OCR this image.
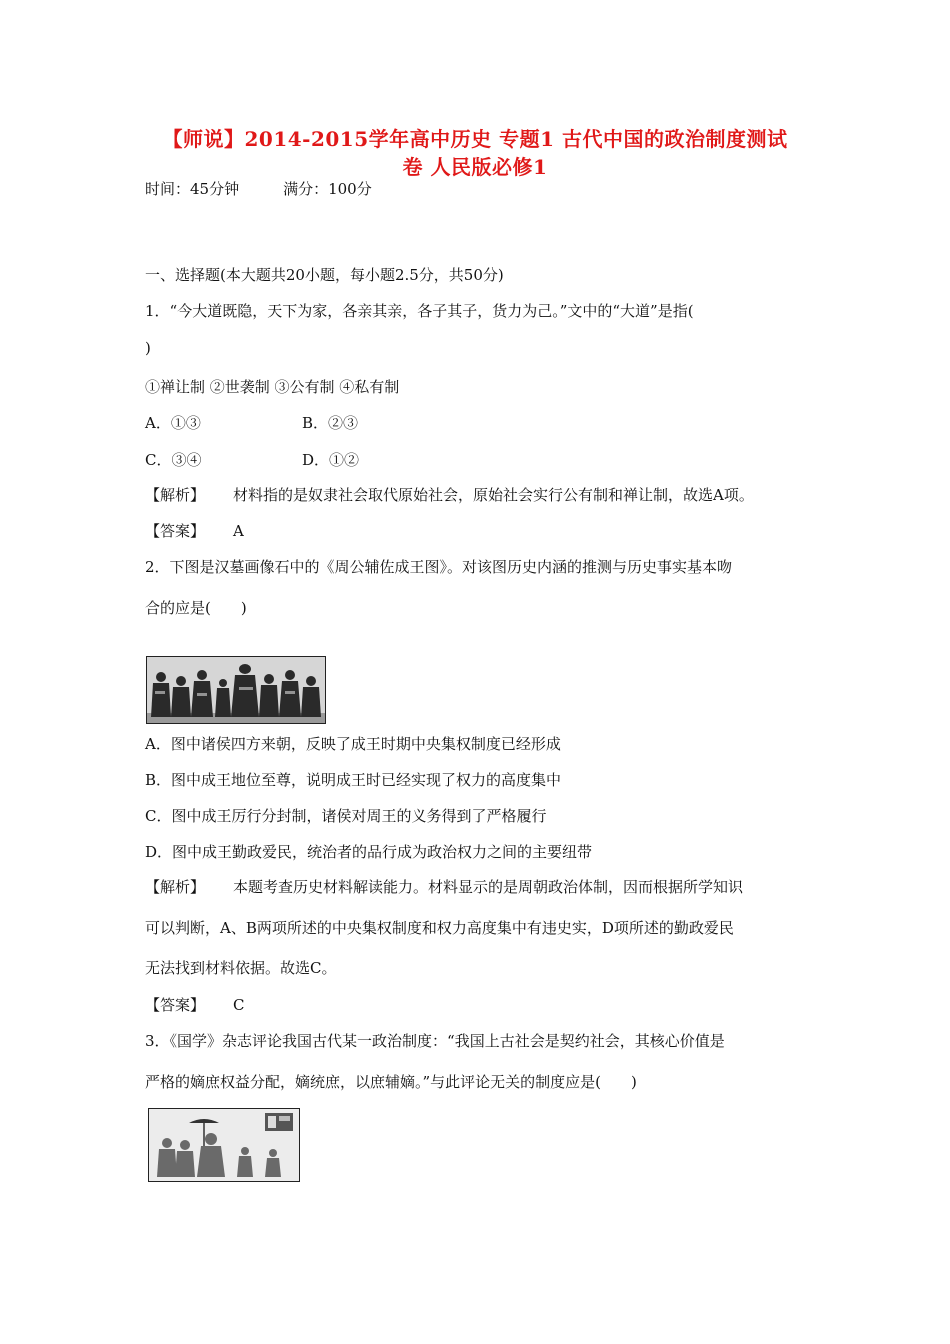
【师说】2014-2015学年高中历史 专题1 古代中国的政治制度测试
卷 人民版必修1
时间：45分钟	满分：100分
一、选择题(本大题共20小题，每小题2.5分，共50分)
1．“今大道既隐，天下为家，各亲其亲，各子其子，货力为己。”文中的“大道”是指(
)
①禅让制 ②世袭制 ③公有制 ④私有制
A．①③	B．②③
C．③④	D．①②
【解析】 材料指的是奴隶社会取代原始社会，原始社会实行公有制和禅让制，故选A项。
【答案】 A
2．下图是汉墓画像石中的《周公辅佐成王图》。对该图历史内涵的推测与历史事实基本吻
合的应是(　　)
A．图中诸侯四方来朝，反映了成王时期中央集权制度已经形成
B．图中成王地位至尊，说明成王时已经实现了权力的高度集中
C．图中成王厉行分封制，诸侯对周王的义务得到了严格履行
D．图中成王勤政爱民，统治者的品行成为政治权力之间的主要纽带
【解析】 本题考查历史材料解读能力。材料显示的是周朝政治体制，因而根据所学知识
可以判断，A、B两项所述的中央集权制度和权力高度集中有违史实，D项所述的勤政爱民
无法找到材料依据。故选C。
【答案】 C
3．《国学》杂志评论我国古代某一政治制度：“我国上古社会是契约社会，其核心价值是
严格的嫡庶权益分配，嫡统庶，以庶辅嫡。”与此评论无关的制度应是(　　)
